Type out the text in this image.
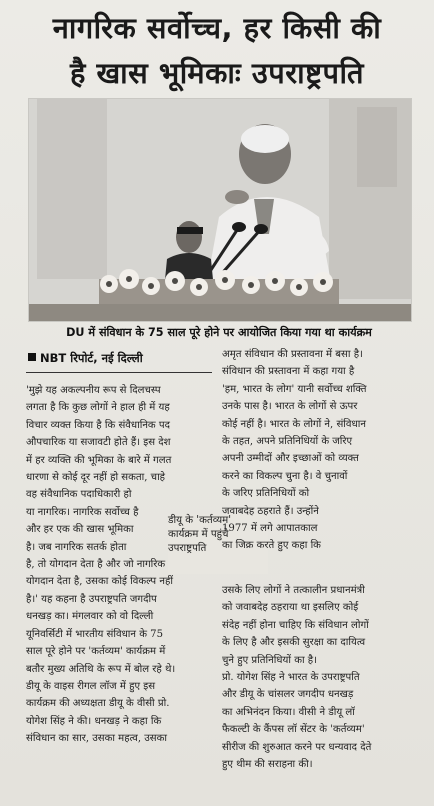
नागरिक सर्वोच्च, हर किसी की
है खास भूमिकाः उपराष्ट्रपति
DU में संविधान के 75 साल पूरे होने पर आयोजित किया गया था कार्यक्रम
NBT रिपोर्ट, नई दिल्ली
'मुझे यह अकल्पनीय रूप से दिलचस्प
लगता है कि कुछ लोगों ने हाल ही में यह
विचार व्यक्त किया है कि संवैधानिक पद
औपचारिक या सजावटी होते हैं। इस देश
में हर व्यक्ति की भूमिका के बारे में गलत
धारणा से कोई दूर नहीं हो सकता, चाहे
वह संवैधानिक पदाधिकारी हो
या नागरिक। नागरिक सर्वोच्च है
और हर एक की खास भूमिका
है। जब नागरिक सतर्क होता
है, तो योगदान देता है और जो नागरिक
योगदान देता है, उसका कोई विकल्प नहीं
है।' यह कहना है उपराष्ट्रपति जगदीप
धनखड़ का। मंगलवार को वो दिल्ली
यूनिवर्सिटी में भारतीय संविधान के 75
साल पूरे होने पर 'कर्तव्यम' कार्यक्रम में
बतौर मुख्य अतिथि के रूप में बोल रहे थे।
डीयू के वाइस रीगल लॉज में हुए इस
कार्यक्रम की अध्यक्षता डीयू के वीसी प्रो.
योगेश सिंह ने की। धनखड़ ने कहा कि
संविधान का सार, उसका महत्व, उसका
डीयू के 'कर्तव्यम'
कार्यक्रम में पहुंचे
उपराष्ट्रपति
अमृत संविधान की प्रस्तावना में बसा है।
संविधान की प्रस्तावना में कहा गया है
'हम, भारत के लोग' यानी सर्वोच्च शक्ति
उनके पास है। भारत के लोगों से ऊपर
कोई नहीं है। भारत के लोगों ने, संविधान
के तहत, अपने प्रतिनिधियों के जरिए
अपनी उम्मीदों और इच्छाओं को व्यक्त
करने का विकल्प चुना है। वे चुनावों
के जरिए प्रतिनिधियों को
जवाबदेह ठहराते हैं। उन्होंने
1977 में लगे आपातकाल
का जिक्र करते हुए कहा कि
उसके लिए लोगों ने तत्कालीन प्रधानमंत्री
को जवाबदेह ठहराया था इसलिए कोई
संदेह नहीं होना चाहिए कि संविधान लोगों
के लिए है और इसकी सुरक्षा का दायित्व
चुने हुए प्रतिनिधियों का है।
प्रो. योगेश सिंह ने भारत के उपराष्ट्रपति
और डीयू के चांसलर जगदीप धनखड़
का अभिनंदन किया। वीसी ने डीयू लॉ
फैकल्टी के कैंपस लॉ सेंटर के 'कर्तव्यम'
सीरीज की शुरुआत करने पर धन्यवाद देते
हुए थीम की सराहना की।
